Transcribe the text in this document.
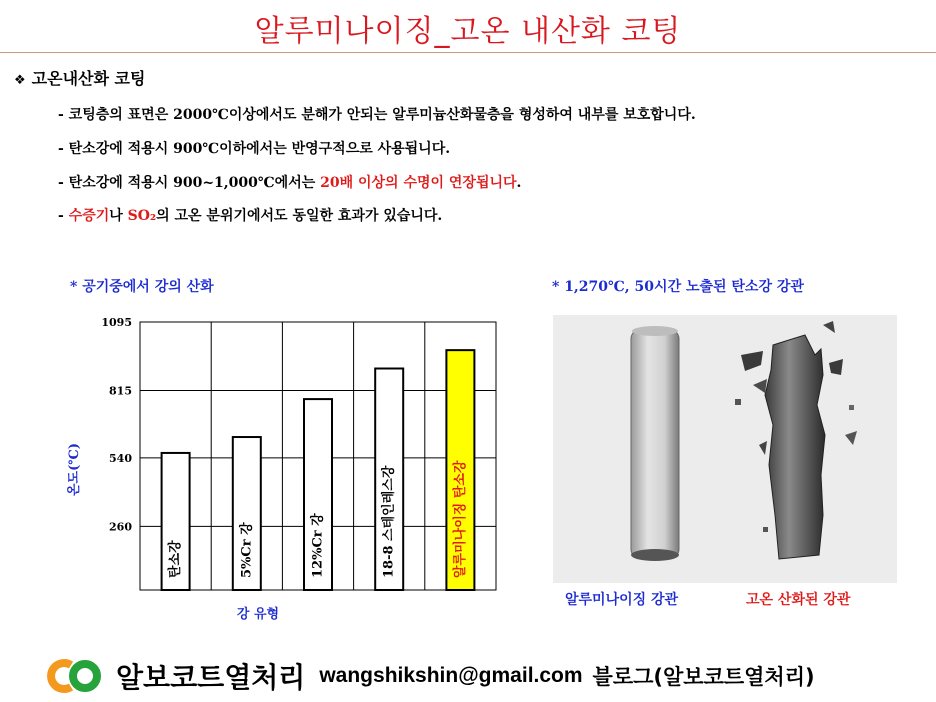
알루미나이징_고온 내산화 코팅
❖ 고온내산화 코팅
- 코팅층의 표면은 2000℃이상에서도 분해가 안되는 알루미늄산화물층을 형성하여 내부를 보호합니다.
- 탄소강에 적용시 900℃이하에서는 반영구적으로 사용됩니다.
- 탄소강에 적용시 900~1,000℃에서는 20배 이상의 수명이 연장됩니다.
- 수증기나 SO₂의 고온 분위기에서도 동일한 효과가 있습니다.
* 공기중에서 강의 산화	* 1,270℃, 50시간 노출된 탄소강 강관
1095
815
540
260
탄소강	5%Cr 강	12%Cr 강	18-8 스테인레스강	알루미나이징 탄소강
온도(℃)
강 유형
알루미나이징 강관	고온 산화된 강관
알보코트열처리 wangshikshin@gmail.com 블로그(알보코트열처리)
